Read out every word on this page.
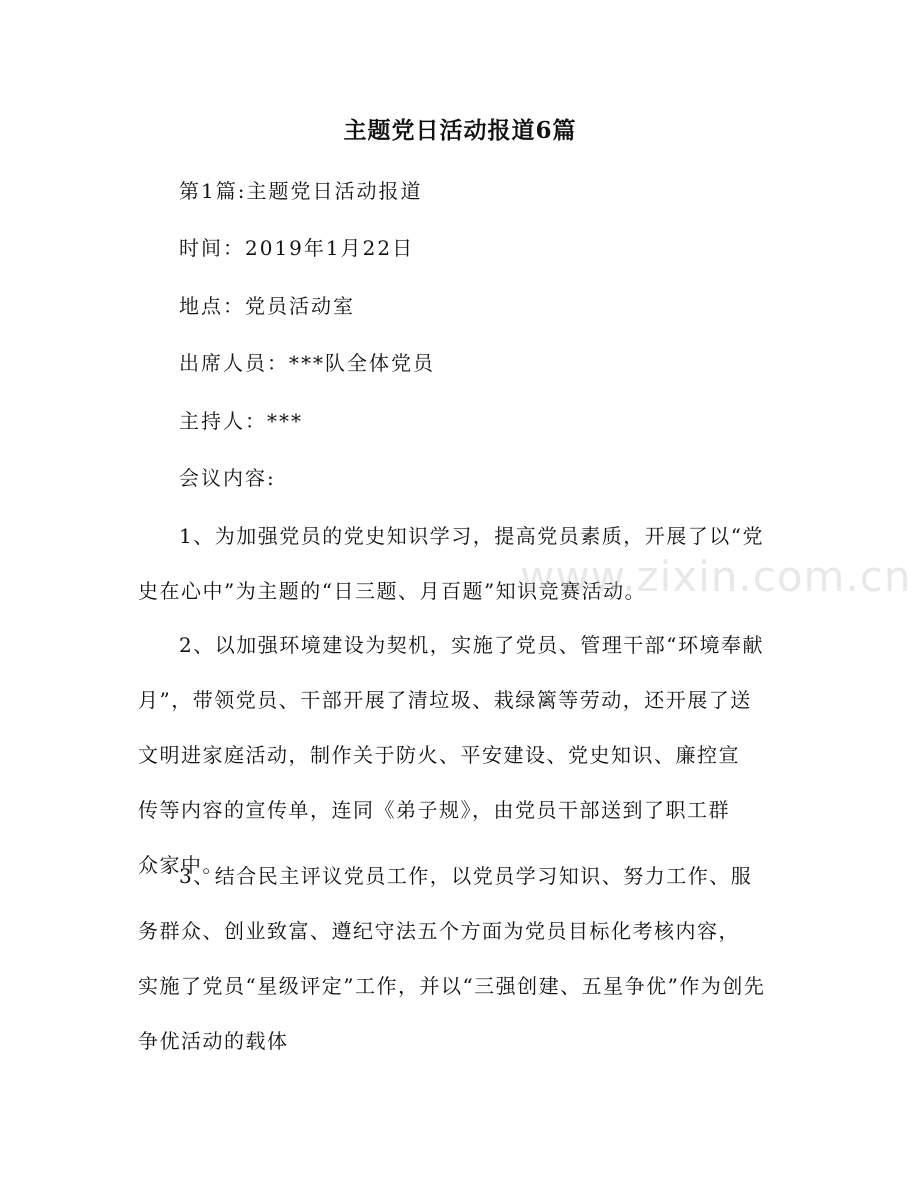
主题党日活动报道6篇

第1篇:主题党日活动报道

时间：2019年1月22日

地点：党员活动室

出席人员：***队全体党员

主持人：***

会议内容:

1、为加强党员的党史知识学习，提高党员素质，开展了以“党
史在心中”为主题的“日三题、月百题”知识竞赛活动。
2、以加强环境建设为契机，实施了党员、管理干部“环境奉献
月”，带领党员、干部开展了清垃圾、栽绿篱等劳动，还开展了送
文明进家庭活动，制作关于防火、平安建设、党史知识、廉控宣
传等内容的宣传单，连同《弟子规》，由党员干部送到了职工群
众家中。
3、结合民主评议党员工作，以党员学习知识、努力工作、服
务群众、创业致富、遵纪守法五个方面为党员目标化考核内容，
实施了党员“星级评定”工作，并以“三强创建、五星争优”作为创先
争优活动的载体
www.zixin.com.cn
